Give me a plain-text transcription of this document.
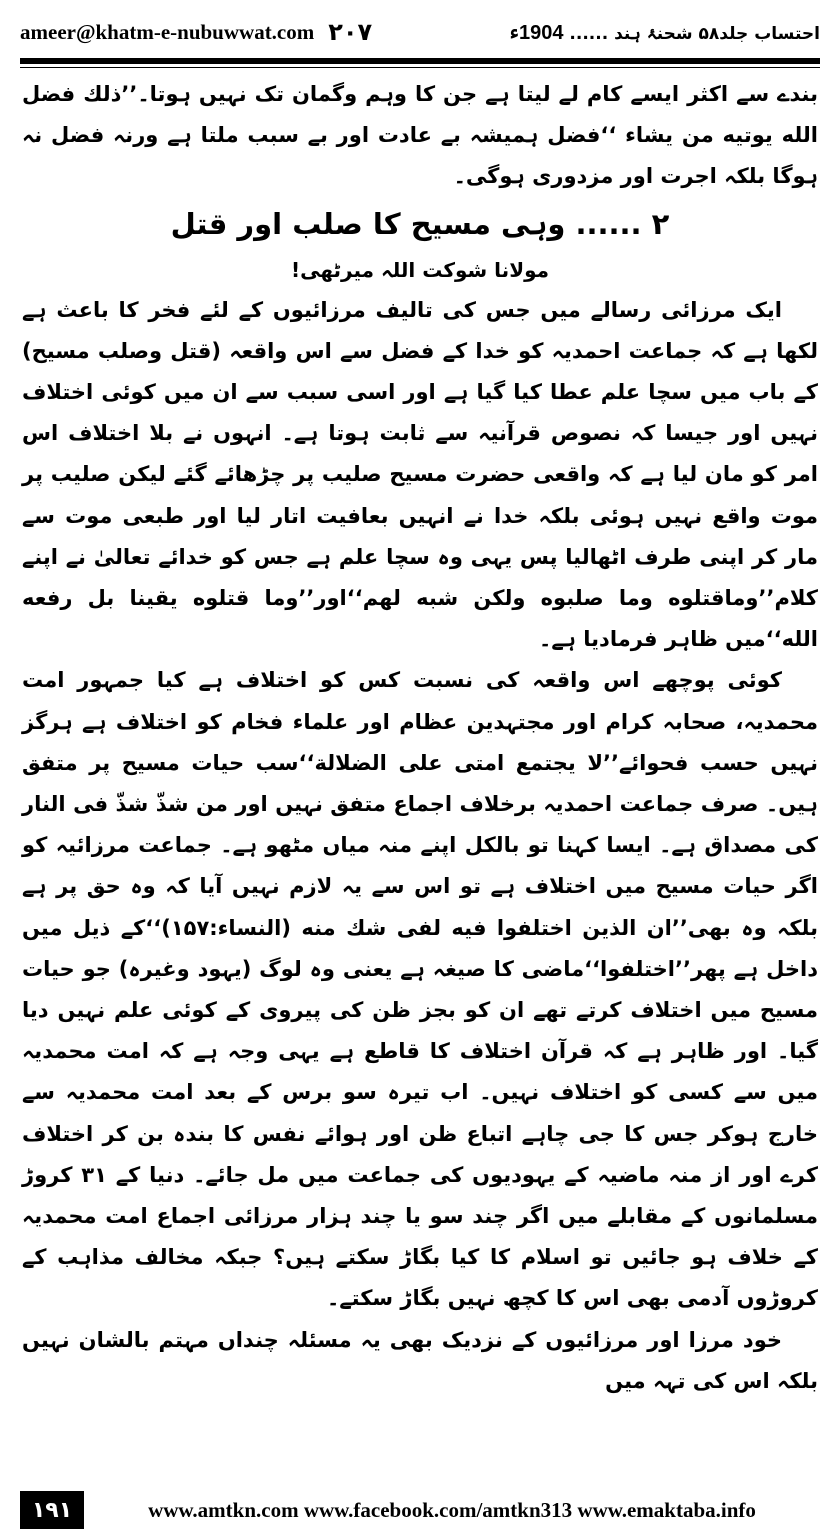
ameer@khatm-e-nubuwwat.com ۲۰۷	احتساب جلد۵۸ شحنۂ ہند ...... 1904ء

بندے سے اکثر ایسے کام لے لیتا ہے جن کا وہم وگمان تک نہیں ہوتا۔’’ذلك فضل الله یوتیه من یشاء ‘‘فضل ہمیشہ بے عادت اور بے سبب ملتا ہے ورنہ فضل نہ ہوگا بلکہ اجرت اور مزدوری ہوگی۔

۲ ...... وہی مسیح کا صلب اور قتل

مولانا شوکت اللہ میرٹھی!

ایک مرزائی رسالے میں جس کی تالیف مرزائیوں کے لئے فخر کا باعث ہے لکھا ہے کہ جماعت احمدیہ کو خدا کے فضل سے اس واقعہ (قتل وصلب مسیح) کے باب میں سچا علم عطا کیا گیا ہے اور اسی سبب سے ان میں کوئی اختلاف نہیں اور جیسا کہ نصوص قرآنیہ سے ثابت ہوتا ہے۔ انہوں نے بلا اختلاف اس امر کو مان لیا ہے کہ واقعی حضرت مسیح صلیب پر چڑھائے گئے لیکن صلیب پر موت واقع نہیں ہوئی بلکہ خدا نے انہیں بعافیت اتار لیا اور طبعی موت سے مار کر اپنی طرف اٹھالیا پس یہی وہ سچا علم ہے جس کو خدائے تعالیٰ نے اپنے کلام’’وماقتلوه وما صلبوه ولكن شبه لهم‘‘اور’’وما قتلوه يقينا بل رفعه الله‘‘میں ظاہر فرمادیا ہے۔

کوئی پوچھے اس واقعہ کی نسبت کس کو اختلاف ہے کیا جمہور امت محمدیہ، صحابہ کرام اور مجتہدین عظام اور علماء فخام کو اختلاف ہے ہرگز نہیں حسب فحوائے’’لا یجتمع امتی علی الضلالة‘‘سب حیات مسیح پر متفق ہیں۔ صرف جماعت احمدیہ برخلاف اجماع متفق نہیں اور من شذّ شذّ فی النار کی مصداق ہے۔ ایسا کہنا تو بالکل اپنے منہ میاں مٹھو ہے۔ جماعت مرزائیہ کو اگر حیات مسیح میں اختلاف ہے تو اس سے یہ لازم نہیں آیا کہ وہ حق پر ہے بلکہ وہ بھی’’ان الذین اختلفوا فیه لفی شك منه (النساء:۱۵۷)‘‘کے ذیل میں داخل ہے پھر’’اختلفوا‘‘ماضی کا صیغہ ہے یعنی وہ لوگ (یہود وغیرہ) جو حیات مسیح میں اختلاف کرتے تھے ان کو بجز ظن کی پیروی کے کوئی علم نہیں دیا گیا۔ اور ظاہر ہے کہ قرآن اختلاف کا قاطع ہے یہی وجہ ہے کہ امت محمدیہ میں سے کسی کو اختلاف نہیں۔ اب تیرہ سو برس کے بعد امت محمدیہ سے خارج ہوکر جس کا جی چاہے اتباع ظن اور ہوائے نفس کا بندہ بن کر اختلاف کرے اور از منہ ماضیہ کے یہودیوں کی جماعت میں مل جائے۔ دنیا کے ۳۱ کروڑ مسلمانوں کے مقابلے میں اگر چند سو یا چند ہزار مرزائی اجماع امت محمدیہ کے خلاف ہو جائیں تو اسلام کا کیا بگاڑ سکتے ہیں؟ جبکہ مخالف مذاہب کے کروڑوں آدمی بھی اس کا کچھ نہیں بگاڑ سکتے۔

خود مرزا اور مرزائیوں کے نزدیک بھی یہ مسئلہ چنداں مہتم بالشان نہیں بلکہ اس کی تہہ میں

۱۹۱	www.amtkn.com www.facebook.com/amtkn313 www.emaktaba.info
